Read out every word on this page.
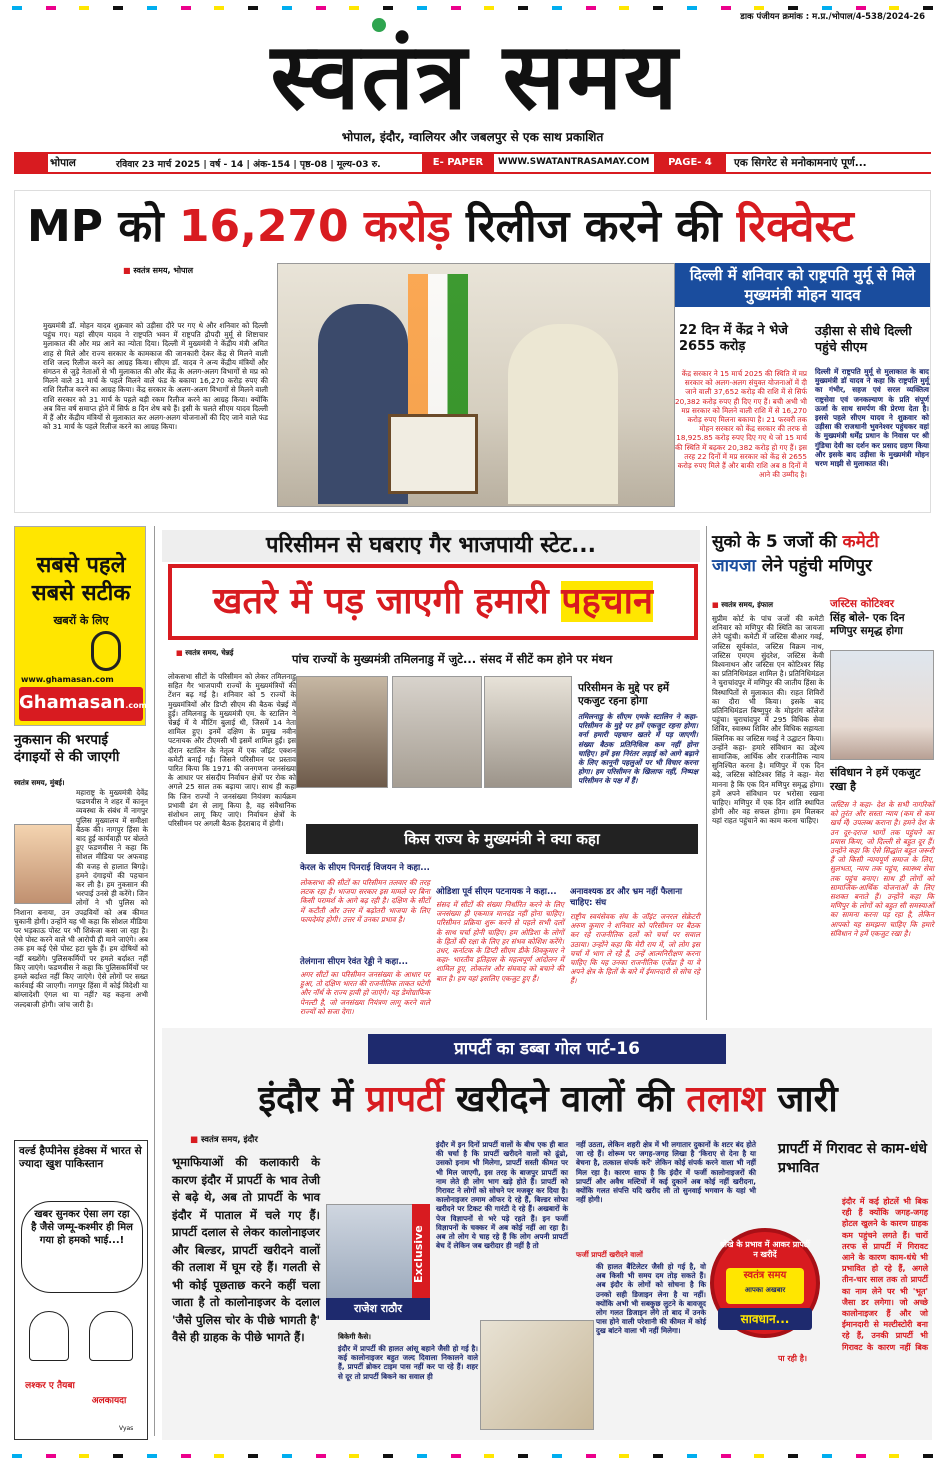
डाक पंजीयन क्रमांक : म.प्र./भोपाल/4-538/2024-26
स्वतंत्र समय
भोपाल, इंदौर, ग्वालियर और जबलपुर से एक साथ प्रकाशित
भोपाल	रविवार 23 मार्च 2025 | वर्ष - 14 | अंक-154 | पृष्ठ-08 | मूल्य-03 रु.	E- PAPER	WWW.SWATANTRASAMAY.COM	PAGE- 4	एक सिगरेट से मनोकामनाएं पूर्ण...
MP को 16,270 करोड़ रिलीज करने की रिक्वेस्ट
■ स्वतंत्र समय, भोपाल
मुख्यमंत्री डॉ. मोहन यादव शुक्रवार को उड़ीसा दौरे पर गए थे और शनिवार को दिल्ली पहुंच गए। यहां सीएम यादव ने राष्ट्रपति भवन में राष्ट्रपति द्रौपदी मुर्मू से शिष्टाचार मुलाकात की और मप्र आने का न्योता दिया। दिल्ली में मुख्यमंत्री ने केंद्रीय मंत्री अमित शाह से मिले और राज्य सरकार के कामकाज की जानकारी देकर केंद्र से मिलने वाली राशि जल्द रिलीज करने का आग्रह किया। सीएम डॉ. यादव ने अन्य केंद्रीय मंत्रियों और संगठन से जुड़े नेताओं से भी मुलाकात की और केंद्र के अलग-अलग विभागों से मप्र को मिलने वाले 31 मार्च के पहले मिलने वाले फंड के बकाया 16,270 करोड़ रुपए की राशि रिलीज करने का आग्रह किया। केंद्र सरकार के अलग-अलग विभागों से मिलने वाली राशि सरकार को 31 मार्च के पहले बड़ी रकम रिलीज करने का आग्रह किया। क्योंकि अब वित्त वर्ष समाप्त होने में सिर्फ 8 दिन शेष बचे हैं। इसी के चलते सीएम यादव दिल्ली में हैं और केंद्रीय मंत्रियों से मुलाकात कर अलग-अलग योजनाओं की दिए जाने वाले फंड को 31 मार्च के पहले रिलीज करने का आग्रह किया।
दिल्ली में शनिवार को राष्ट्रपति मुर्मू से मिले मुख्यमंत्री मोहन यादव
22 दिन में केंद्र ने भेजे 2655 करोड़
केंद्र सरकार ने 15 मार्च 2025 की स्थिति में मप्र सरकार को अलग-अलग संयुक्त योजनाओं में दी जाने वाली 37,652 करोड़ की राशि में से सिर्फ 20,382 करोड़ रुपए ही दिए गए हैं। बची अभी भी मप्र सरकार को मिलने वाली राशि में से 16,270 करोड़ रुपए मिलना बकाया है। 21 फरवरी तक मोहन सरकार को केंद्र सरकार की तरफ से 18,925.85 करोड़ रुपए दिए गए थे जो 15 मार्च की स्थिति में बढ़कर 20,382 करोड़ हो गए हैं। इस तरह 22 दिनों में मप्र सरकार को केंद्र से 2655 करोड़ रुपए मिले हैं और बाकी राशि अब 8 दिनों में आने की उम्मीद है।
उड़ीसा से सीधे दिल्ली पहुंचे सीएम
दिल्ली में राष्ट्रपति मुर्मू से मुलाकात के बाद मुख्यमंत्री डॉ यादव ने कहा कि राष्ट्रपति मुर्मू का गंभीर, सहज एवं सरल व्यक्तित्व राष्ट्रसेवा एवं जनकल्याण के प्रति संपूर्ण ऊर्जा के साथ समर्पण की प्रेरणा देता है। इससे पहले सीएम यादव ने शुक्रवार को उड़ीसा की राजधानी भुवनेश्वर पहुंचकर वहां के मुख्यमंत्री धर्मेंद्र प्रधान के निवास पर श्री गुंडिचा देवी का दर्शन कर प्रसाद ग्रहण किया और इसके बाद उड़ीसा के मुख्यमंत्री मोहन चरण माझी से मुलाकात की।
सबसे पहले
सबसे सटीक
खबरों के लिए
www.ghamasan.com
Ghamasan.com
नुकसान की भरपाई दंगाइयों से की जाएगी
स्वतंत्र समय, मुंबई।
महाराष्ट्र के मुख्यमंत्री देवेंद्र फडणवीस ने शहर में कानून व्यवस्था के संबंध में नागपुर पुलिस मुख्यालय में समीक्षा बैठक की। नागपुर हिंसा के बाद हुई कार्यवाही पर बोलते हुए फडणवीस ने कहा कि सोशल मीडिया पर अफवाह की वजह से हालात बिगड़े। हमने दंगाइयों की पहचान कर ली है। हम नुकसान की भरपाई उनसे ही करेंगे। जिन लोगों ने भी पुलिस को निशाना बनाया, उन उपद्रवियों को अब कीमत चुकानी होगी। उन्होंने यह भी कहा कि सोशल मीडिया पर भड़काऊ पोस्ट पर भी शिकंजा कसा जा रहा है। ऐसे पोस्ट करने वाले भी आरोपी ही माने जाएंगे। अब तक हम कई ऐसे पोस्ट हटा चुके हैं। हम दोषियों को नहीं बख्शेंगे। पुलिसकर्मियों पर हमले बर्दाश्त नहीं किए जाएंगे। फडणवीस ने कहा कि पुलिसकर्मियों पर हमले बर्दाश्त नहीं किए जाएंगे। ऐसे लोगों पर सख्त कार्रवाई की जाएगी। नागपुर हिंसा में कोई विदेशी या बांग्लादेशी एंगल था या नहीं? यह कहना अभी जल्दबाजी होगी। जांच जारी है।
वर्ल्ड हैप्पीनेस इंडेक्स में भारत से ज्यादा खुश पाकिस्तान
खबर सुनकर ऐसा लग रहा है जैसे जम्मू-कश्मीर ही मिल गया हो हमको भाई...!
लश्कर ए तैयबा
अलकायदा
Vyas
परिसीमन से घबराए गैर भाजपायी स्टेट...
खतरे में पड़ जाएगी हमारी पहचान
पांच राज्यों के मुख्यमंत्री तमिलनाडु में जुटे... संसद में सीटें कम होने पर मंथन
■ स्वतंत्र समय, चेन्नई
लोकसभा सीटों के परिसीमन को लेकर तमिलनाडु सहित गैर भाजपायी राज्यों के मुख्यमंत्रियों की टेंशन बढ़ गई है। शनिवार को 5 राज्यों के मुख्यमंत्रियों और डिप्टी सीएम की बैठक चेन्नई में हुई। तमिलनाडु के मुख्यमंत्री एम. के स्टालिन ने चेन्नई में ये मीटिंग बुलाई थी, जिसमें 14 नेता शामिल हुए। इनमें दक्षिण के प्रमुख नवीन पटनायक और टीएमसी भी इसमें शामिल हुईं। इस दौरान स्टालिन के नेतृत्व में एक जॉइंट एक्शन कमेटी बनाई गई। जिसने परिसीमन पर प्रस्ताव पारित किया कि 1971 की जनगणना जनसंख्या के आधार पर संसदीय निर्वाचन क्षेत्रों पर रोक को अगले 25 साल तक बढ़ाया जाए। साथ ही कहा कि जिन राज्यों ने जनसंख्या नियंत्रण कार्यक्रम प्रभावी ढंग से लागू किया है, वह संवैधानिक संशोधन लागू किए जाएं। निर्वाचन क्षेत्रों के परिसीमन पर अगली बैठक हैदराबाद में होगी।
परिसीमन के मुद्दे पर हमें एकजुट रहना होगा
तमिलनाडु के सीएम एमके स्टालिन ने कहा-परिसीमन के मुद्दे पर हमें एकजुट रहना होगा। वर्ना हमारी पहचान खतरे में पड़ जाएगी। संख्या बैठक प्रतिनिधित्व कम नहीं होना चाहिए। हमें इस निरंतर लड़ाई को आगे बढ़ाने के लिए कानूनी पहलुओं पर भी विचार करना होगा। हम परिसीमन के खिलाफ नहीं, निष्पक्ष परिसीमन के पक्ष में हैं।
किस राज्य के मुख्यमंत्री ने क्या कहा
केरल के सीएम पिनराई विजयन ने कहा...
लोकसभा की सीटों का परिसीमन तलवार की तरह लटक रहा है। भाजपा सरकार इस मामले पर बिना किसी परामर्श के आगे बढ़ रही है। दक्षिण के सीटों में कटौती और उत्तर में बढ़ोतरी भाजपा के लिए फायदेमंद होगी। उत्तर में उनका प्रभाव है।
तेलंगाना सीएम रेवंत रेड्डी ने कहा...
अगर सीटों का परिसीमन जनसंख्या के आधार पर हुआ, तो दक्षिण भारत की राजनीतिक ताकत घटेगी और नॉर्थ के राज्य हावी हो जाएंगे। यह डेमोग्राफिक पेनल्टी है, जो जनसंख्या नियंत्रण लागू करने वाले राज्यों को सजा देगा।
ओडिशा पूर्व सीएम पटनायक ने कहा...
संसद में सीटों की संख्या निर्धारित करने के लिए जनसंख्या ही एकमात्र मानदंड नहीं होना चाहिए। परिसीमन प्रक्रिया शुरू करने से पहले सभी दलों के साथ चर्चा होनी चाहिए। हम ओडिशा के लोगों के हितों की रक्षा के लिए हर संभव कोशिश करेंगे। उधर, कर्नाटक के डिप्टी सीएम डीके शिवकुमार ने कहा- भारतीय इतिहास के महत्वपूर्ण आंदोलन में शामिल हुए, लोकतंत्र और संघवाद को बचाने की बात है। हम यहां इसलिए एकजुट हुए हैं।
अनावश्यक डर और भ्रम नहीं फैलाना चाहिए: संघ
राष्ट्रीय स्वयंसेवक संघ के जॉइंट जनरल सेक्रेटरी अरुण कुमार ने शनिवार को परिसीमन पर बैठक कर रहे राजनीतिक दलों को चर्चा पर सवाल उठाया। उन्होंने कहा कि मेरी राय में, जो लोग इस चर्चा में भाग ले रहे हैं, उन्हें आत्मनिरीक्षण करना चाहिए कि यह उनका राजनीतिक एजेंडा है या वे अपने क्षेत्र के हितों के बारे में ईमानदारी से सोच रहे हैं।
सुको के 5 जजों की कमेटी
जायजा लेने पहुंची मणिपुर
■ स्वतंत्र समय, इंफाल
सुप्रीम कोर्ट के पांच जजों की कमेटी शनिवार को मणिपुर की स्थिति का जायजा लेने पहुंची। कमेटी में जस्टिस बीआर गवई, जस्टिस सूर्यकांत, जस्टिस विक्रम नाथ, जस्टिस एमएम सुंदरेश, जस्टिस केवी विश्वनाथन और जस्टिस एन कोटिश्वर सिंह का प्रतिनिधिमंडल शामिल है। प्रतिनिधिमंडल ने चुराचांदपुर में मणिपुर की जातीय हिंसा के विस्थापितों से मुलाकात की। राहत शिविरों का दौरा भी किया। इसके बाद प्रतिनिधिमंडल बिष्णुपुर के मोइरांग कॉलेज पहुंचा। चुराचांदपुर में 295 विधिक सेवा शिविर, स्वास्थ्य शिविर और विधिक सहायता क्लिनिक का जस्टिस गवई ने उद्घाटन किया। उन्होंने कहा- हमारे संविधान का उद्देश्य सामाजिक, आर्थिक और राजनीतिक न्याय सुनिश्चित करना है। मणिपुर में एक दिन बढ़े, जस्टिस कोटिश्वर सिंह ने कहा- मेरा मानना है कि एक दिन मणिपुर समृद्ध होगा। हमें अपने संविधान पर भरोसा रखना चाहिए। मणिपुर में एक दिन शांति स्थापित होगी और वह सफल होगा। हम मिलकर यहां राहत पहुंचाने का काम करना चाहिए।
जस्टिस कोटिश्वर
सिंह बोले- एक दिन मणिपुर समृद्ध होगा
संविधान ने हमें एकजुट रखा है
जस्टिस ने कहा- देश के सभी नागरिकों को तुरंत और सस्ता न्याय (कम से कम खर्च में) उपलब्ध कराना है। हमने देश के उन दूर-दराज भागों तक पहुंचने का प्रयास किया, जो दिल्ली से बहुत दूर हैं। उन्होंने कहा कि ऐसे सिद्धांत बहुत जरूरी हैं जो किसी न्यायपूर्ण समाज के लिए, सुलभता, न्याय तक पहुंच, स्वास्थ्य सेवा तक पहुंच बनाए। साथ ही लोगों को सामाजिक-आर्थिक योजनाओं के लिए सशक्त बनाते हैं। उन्होंने कहा कि मणिपुर के लोगों को बहुत सी समस्याओं का सामना करना पड़ रहा है, लेकिन आपको यह समझना चाहिए कि हमारे संविधान ने हमें एकजुट रखा है।
प्रापर्टी का डब्बा गोल पार्ट-16
इंदौर में प्रापर्टी खरीदने वालों की तलाश जारी
■ स्वतंत्र समय, इंदौर
भूमाफियाओं की कलाकारी के कारण इंदौर में प्रापर्टी के भाव तेजी से बढ़े थे, अब तो प्रापर्टी के भाव इंदौर में पाताल में चले गए हैं। प्रापर्टी दलाल से लेकर कालोनाइजर और बिल्डर, प्रापर्टी खरीदने वालों की तलाश में घूम रहे हैं। गलती से भी कोई पूछताछ करने कहीं चला जाता है तो कालोनाइजर के दलाल 'जैसे पुलिस चोर के पीछे भागती है' वैसे ही ग्राहक के पीछे भागते हैं।
Exclusive
राजेश राठौर
इंदौर में इन दिनों प्रापर्टी वालों के बीच एक ही बात की चर्चा है कि प्रापर्टी खरीदने वालों को ढूंढो, उसको इनाम भी मिलेगा, प्रापर्टी सस्ती कीमत पर भी मिल जाएगी, इस तरह के बाजपुर प्रापर्टी का नाम लेते ही लोग भाग खड़े होते हैं। प्रापर्टी को गिरावट ने लोगों को सोचने पर मजबूर कर दिया है। कालोनाइजर तमाम ऑफर दे रहे हैं, बिल्डर सोफा खरीदने पर टिकट की गारंटी दे रहे हैं। अखबारों के पेज विज्ञापनों से भरे पड़े रहते हैं। इन फर्जी विज्ञापनों के चक्कर में अब कोई नहीं आ रहा है। अब तो लोग ये चाह रहे हैं कि लोग अपनी प्रापर्टी बेच दें लेकिन जब खरीदार ही नहीं है तो
बिकेगी कैसे।
इंदौर में प्रापर्टी की हालत आंसू बहाने जैसी हो गई है। कई कालोनाइजर बहुत जल्द दिवाला निकालने वाले हैं, प्रापर्टी ब्रोकर टाइम पास नहीं कर पा रहे हैं। शहर से दूर तो प्रापर्टी बिकने का सवाल ही
नहीं उठता, लेकिन शहरी क्षेत्र में भी लगातार दुकानों के शटर बंद होते जा रहे हैं। शोरूम पर जगह-जगह लिखा है 'किराए से देना है या बेचना है, तत्काल संपर्क करें' लेकिन कोई संपर्क करने वाला भी नहीं मिल रहा है। कारण साफ है कि इंदौर में फर्जी कालोनाइजरों की प्रापर्टी और अवैध मल्टियों में कई दुकानें अब कोई नहीं खरीदना, क्योंकि गलत संपत्ति यदि खरीद ली तो सुनवाई भगवान के यहां भी नहीं होगी।
फर्जी प्रापर्टी खरीदने वालों
की हालत बैंटिलेटर जैसी हो गई है, वो अब किसी भी समय दम तोड़ सकते हैं। अब इंदौर के लोगों को सोचना है कि उनको सही डिजाइन लेना है या नहीं। क्योंकि अभी भी सबकुछ लुटने के बावजूद लोग गलत डिजाइन लेंगे तो बाद में उनके पास होने वाली परेशानी की कीमत में कोई दुख बांटने वाला भी नहीं मिलेगा।
धोखे के प्रभाव में आकर प्रापर्टी न खरीदें
स्वतंत्र समय
आपका अखबार
सावधान...
प्रापर्टी में गिरावट से काम-धंधे प्रभावित
इंदौर में कई होटलें भी बिक रही हैं क्योंकि जगह-जगह होटल खुलने के कारण ग्राहक कम पहुंचने लगते हैं। चारों तरफ से प्रापर्टी में गिरावट आने के कारण काम-धंधे भी प्रभावित हो रहे हैं, अगले तीन-चार साल तक तो प्रापर्टी का नाम लेने पर भी 'भूत' जैसा डर लगेगा। जो अच्छे कालोनाइजर हैं और जो ईमानदारी से मल्टीस्टोरी बना रहे हैं, उनकी प्रापर्टी भी गिरावट के कारण नहीं बिक पा रही है।
